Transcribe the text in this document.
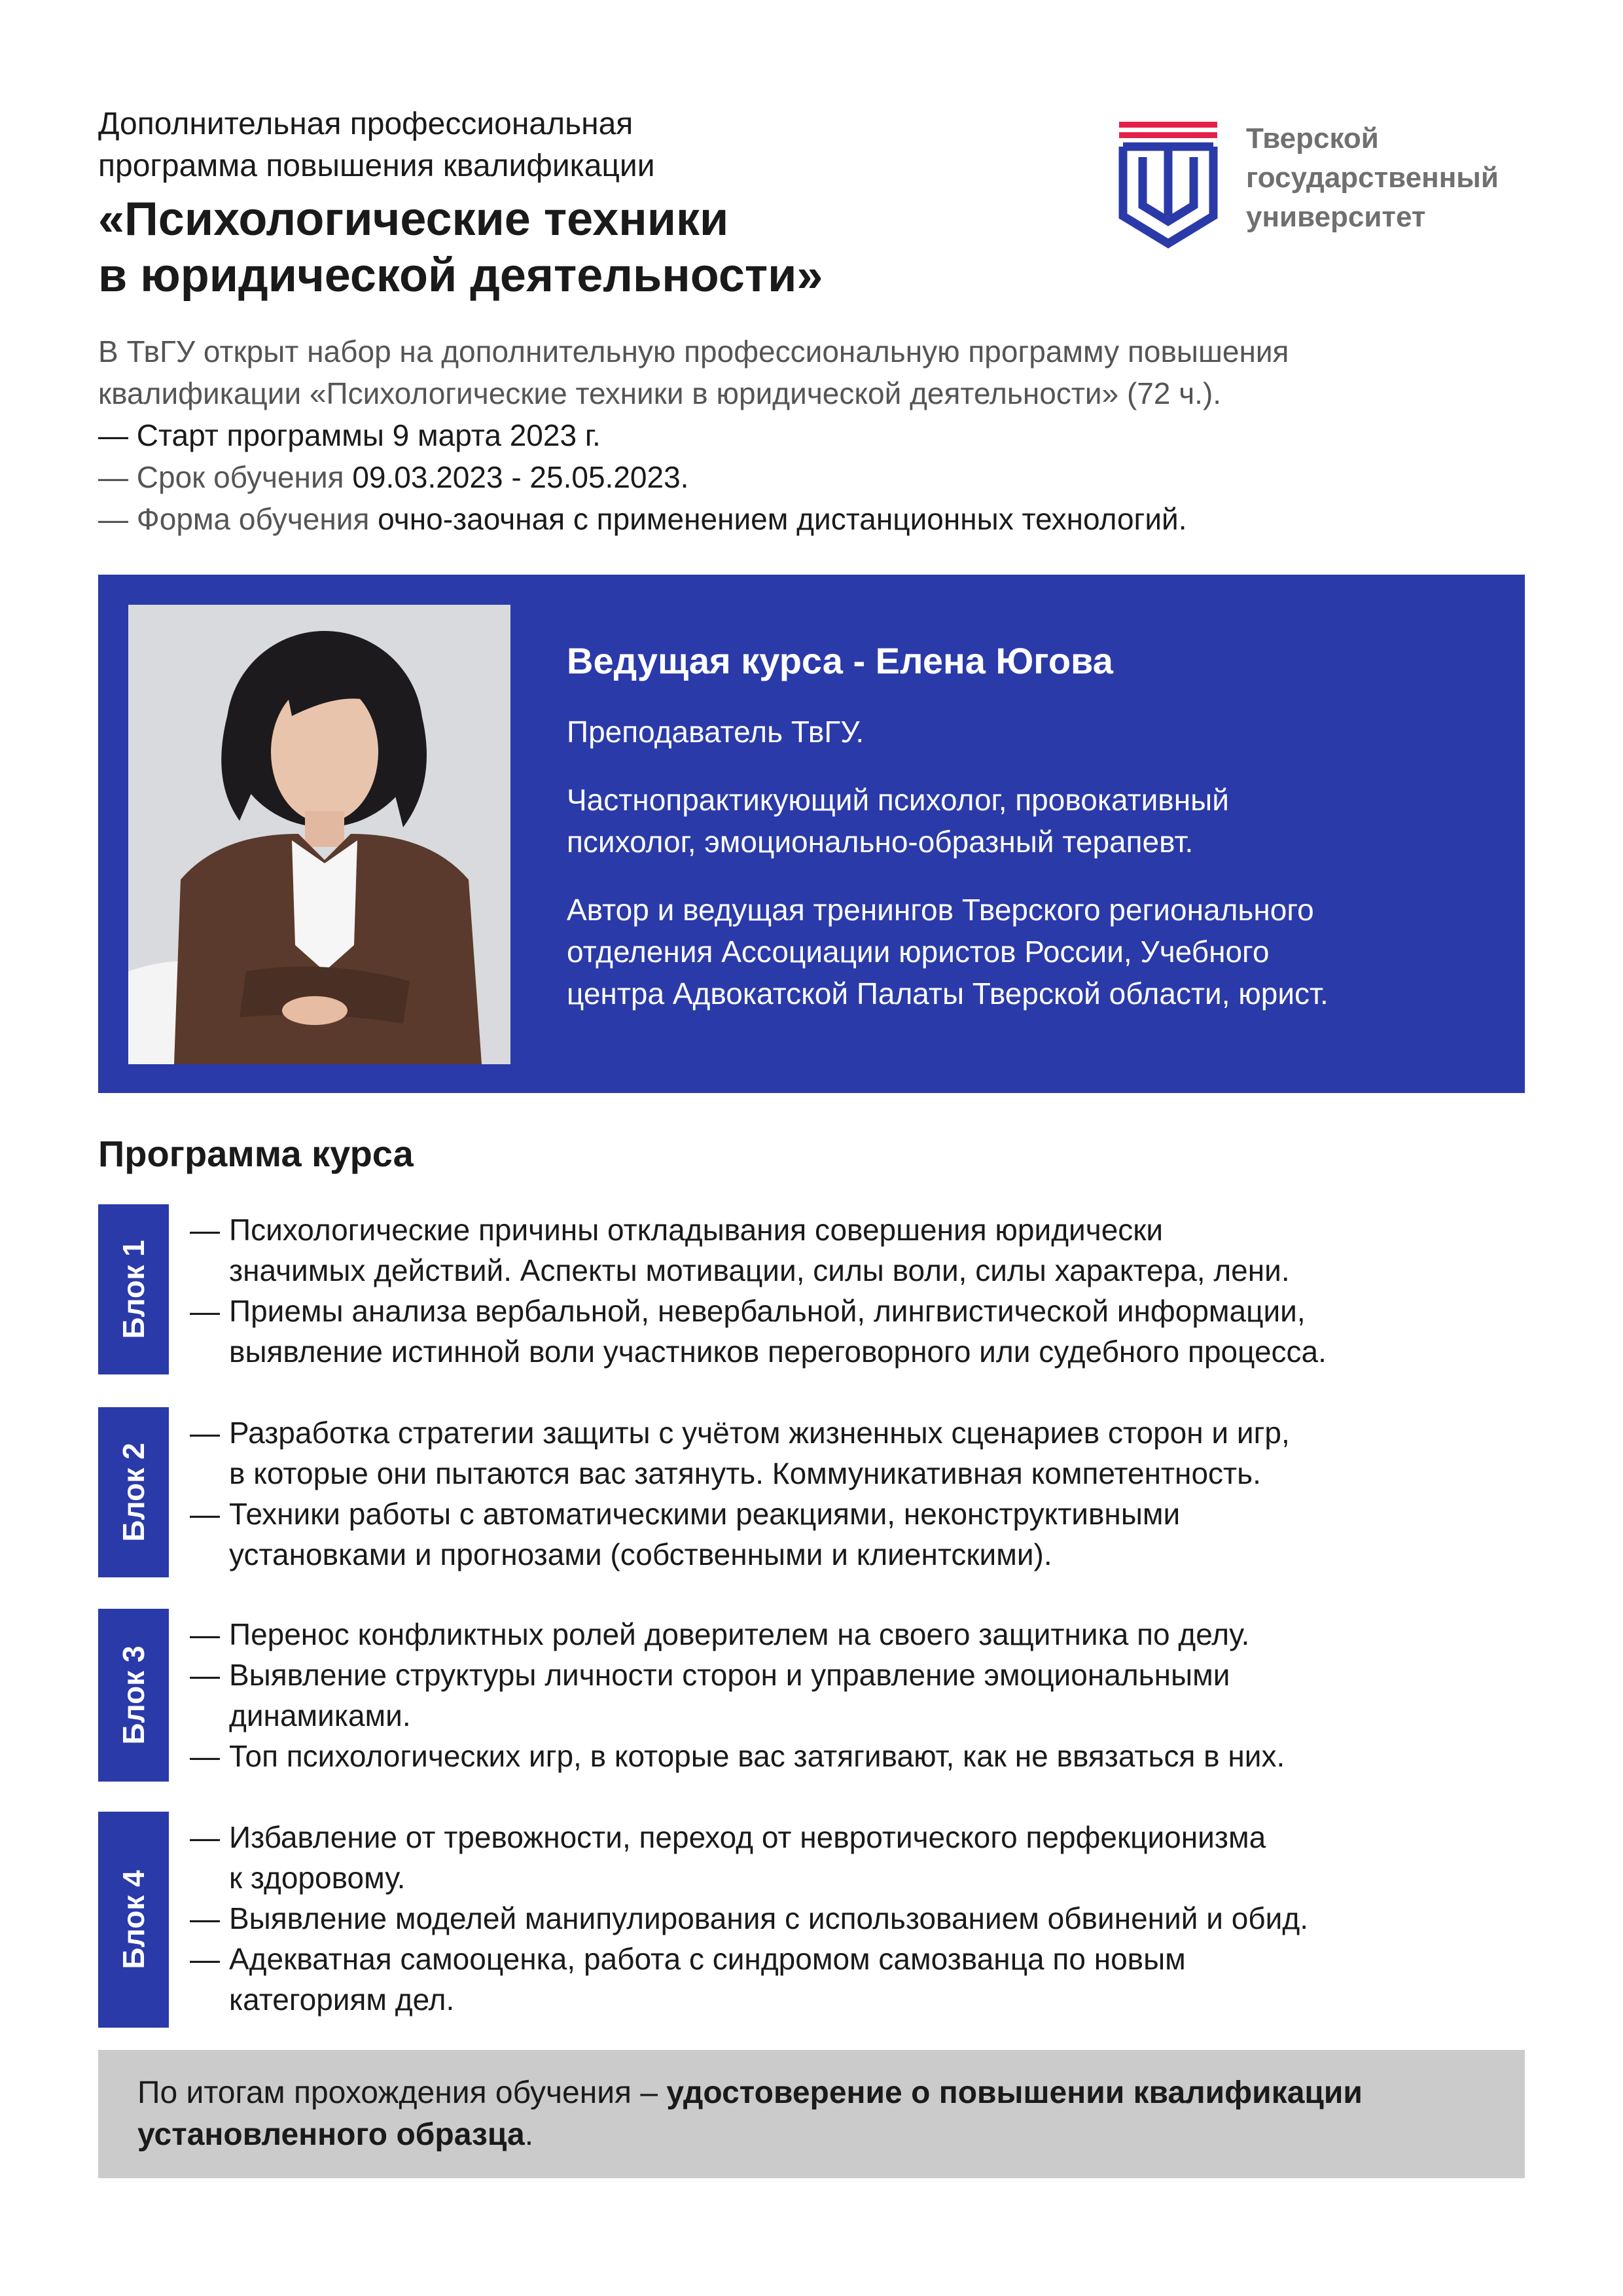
Дополнительная профессиональная
программа повышения квалификации
«Психологические техники
в юридической деятельности»
Тверской
государственный
университет
В ТвГУ открыт набор на дополнительную профессиональную программу повышения
квалификации «Психологические техники в юридической деятельности» (72 ч.).
— Старт программы 9 марта 2023 г.
— Срок обучения 09.03.2023 - 25.05.2023.
— Форма обучения очно-заочная с применением дистанционных технологий.
Ведущая курса - Елена Югова
Преподаватель ТвГУ.
Частнопрактикующий психолог, провокативный
психолог, эмоционально-образный терапевт.
Автор и ведущая тренингов Тверского регионального
отделения Ассоциации юристов России, Учебного
центра Адвокатской Палаты Тверской области, юрист.
Программа курса
Блок 1
— Психологические причины откладывания совершения юридически
значимых действий. Аспекты мотивации, силы воли, силы характера, лени.
— Приемы анализа вербальной, невербальной, лингвистической информации,
выявление истинной воли участников переговорного или судебного процесса.
Блок 2
— Разработка стратегии защиты с учётом жизненных сценариев сторон и игр,
в которые они пытаются вас затянуть. Коммуникативная компетентность.
— Техники работы с автоматическими реакциями, неконструктивными
установками и прогнозами (собственными и клиентскими).
Блок 3
— Перенос конфликтных ролей доверителем на своего защитника по делу.
— Выявление структуры личности сторон и управление эмоциональными
динамиками.
— Топ психологических игр, в которые вас затягивают, как не ввязаться в них.
Блок 4
— Избавление от тревожности, переход от невротического перфекционизма
к здоровому.
— Выявление моделей манипулирования с использованием обвинений и обид.
— Адекватная самооценка, работа с синдромом самозванца по новым
категориям дел.
По итогам прохождения обучения – удостоверение о повышении квалификации
установленного образца.
